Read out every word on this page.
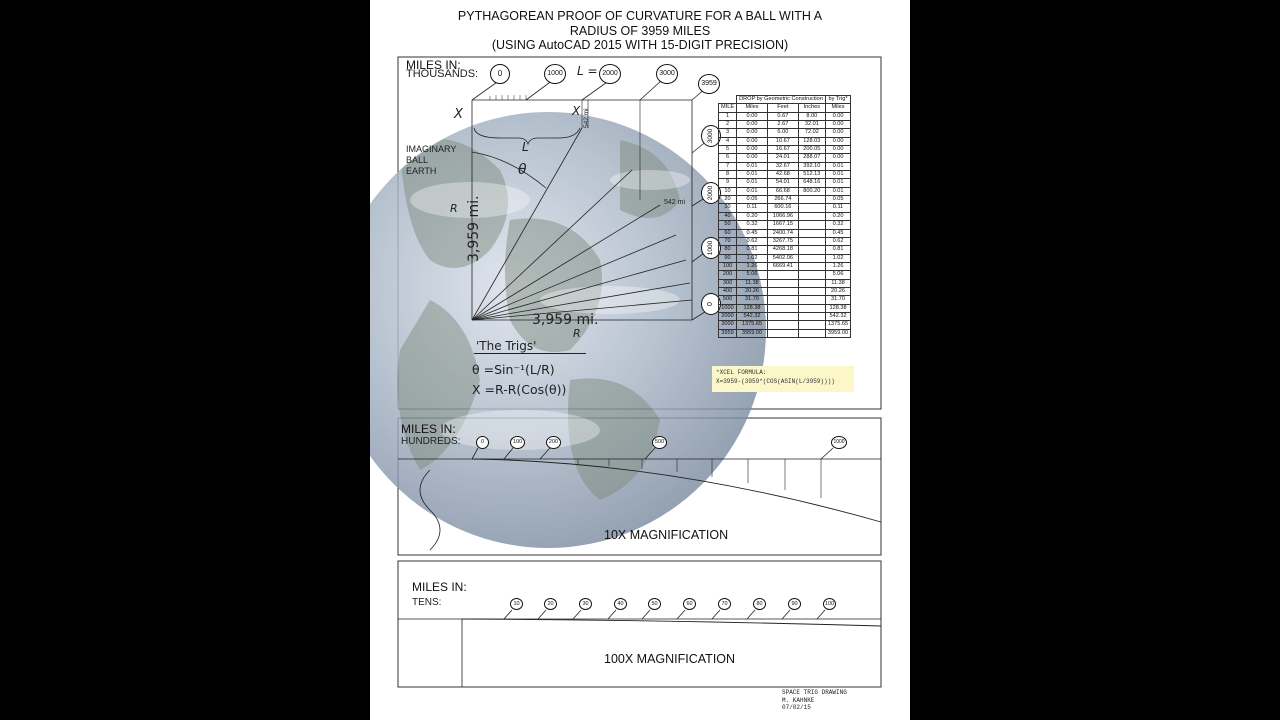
PYTHAGOREAN PROOF OF CURVATURE FOR A BALL WITH A
RADIUS OF 3959 MILES
(USING AutoCAD 2015 WITH 15-DIGIT PRECISION)
MILES IN:
THOUSANDS:	0	1000 L = 2000	3000
3959
3000
2000
1000
0
X	X 542 mi
542 mi
L
θ
IMAGINARY
BALL
EARTH
R 3,959 mi.
3,959 mi.
R
'The Trigs'
θ =Sin⁻¹(L/R)
X =R-R(Cos(θ))
	DROP by Geometric Construction			by Trig*
MILE	Miles	Feet	Inches	Miles
1	0.00	0.67	8.00	0.00
2	0.00	2.67	32.01	0.00
3	0.00	6.00	72.02	0.00
4	0.00	10.67	128.03	0.00
5	0.00	16.67	200.05	0.00
6	0.00	24.01	288.07	0.00
7	0.01	32.67	392.10	0.01
8	0.01	42.68	512.13	0.01
9	0.01	54.01	648.16	0.01
10	0.01	66.68	800.20	0.01
20	0.05	266.74		0.05
30	0.11	600.16		0.11
40	0.20	1066.96		0.20
50	0.32	1667.15		0.32
60	0.45	2400.74		0.45
70	0.62	3267.75		0.62
80	0.81	4268.18		0.81
90	1.02	5402.06		1.02
100	1.26	6669.41		1.26
200	5.06			5.06
300	11.38			11.38
400	20.26			20.26
500	31.70			31.70
1000	128.38			128.38
2000	542.32			542.32
3000	1375.65			1375.65
3959	3959.00			3959.00
*XCEL FORMULA:
X=3959-(3959*(COS(ASIN(L/3959))))
MILES IN:
HUNDREDS:	0	100	200	500	1000
10X MAGNIFICATION
MILES IN:
TENS:	10	20	30	40	50	60	70	80	90	100
100X MAGNIFICATION
SPACE TRIG DRAWING
M. KAHNKE
07/02/15
